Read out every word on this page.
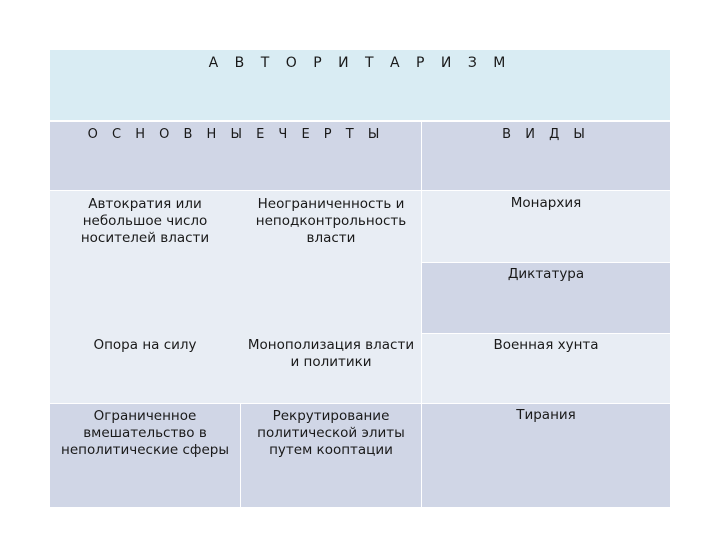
А В Т О Р И Т А Р И З М
О С Н О В Н Ы Е Ч Е Р Т Ы	В И Д Ы
Монархия
Диктатура
Военная хунта
Тирания
Автократия или небольшое число носителей власти
Неограниченность и неподконтрольность власти
Опора на силу	Монополизация власти и политики
Ограниченное вмешательство в неполитические сферы
Рекрутирование политической элиты путем кооптации
